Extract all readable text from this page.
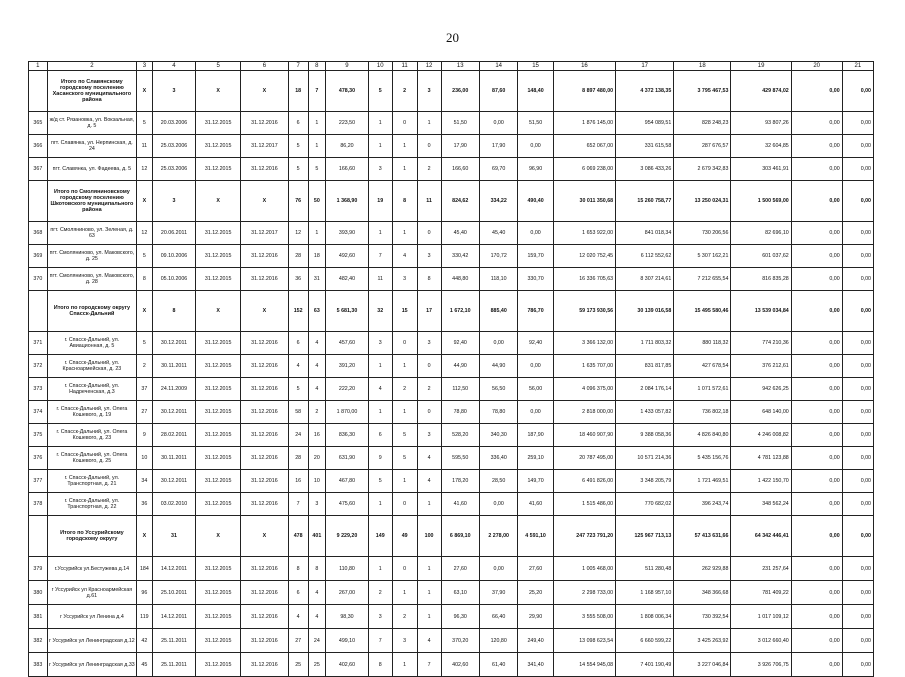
20
1	2	3	4	5	6	7	8	9	10	11	12	13	14	15	16	17	18	19	20	21
	Итого по Славянскому городскому поселению Хасанского муниципального района	X	3	X	X	18	7	478,30	5	2	3	236,00	87,60	148,40	8 897 480,00	4 372 138,35	3 795 467,53	429 874,02	0,00	0,00
365	ж/д ст. Рязановка, ул. Вокзальная, д. 5	5	20.03.2006	31.12.2015	31.12.2016	6	1	223,50	1	0	1	51,50	0,00	51,50	1 876 145,00	954 089,51	828 248,23	93 807,26	0,00	0,00
366	пгт. Славянка, ул. Нерпинская, д. 24	11	25.03.2006	31.12.2015	31.12.2017	5	1	86,20	1	1	0	17,90	17,90	0,00	652 067,00	331 615,58	287 676,57	32 604,85	0,00	0,00
367	пгт. Славянка, ул. Фадеева, д. 5	12	25.03.2006	31.12.2015	31.12.2016	5	5	166,60	3	1	2	166,60	69,70	96,90	6 069 238,00	3 086 433,26	2 679 342,83	303 461,91	0,00	0,00
	Итого по Смоляниновскому городскому поселению Шкотовского муниципального района	X	3	X	X	76	50	1 368,90	19	8	11	824,62	334,22	490,40	30 011 350,68	15 260 758,77	13 250 024,31	1 500 569,00	0,00	0,00
368	пгт. Смоляниново, ул. Зеленая, д. 63	12	20.06.2011	31.12.2015	31.12.2017	12	1	393,90	1	1	0	45,40	45,40	0,00	1 653 922,00	841 018,34	730 206,56	82 696,10	0,00	0,00
369	пгт. Смоляниново, ул. Маковского, д. 25	5	09.10.2006	31.12.2015	31.12.2016	28	18	492,60	7	4	3	330,42	170,72	159,70	12 020 752,45	6 112 552,62	5 307 162,21	601 037,62	0,00	0,00
370	пгт. Смоляниново, ул. Маковского, д. 28	8	05.10.2006	31.12.2015	31.12.2016	36	31	482,40	11	3	8	448,80	118,10	330,70	16 336 705,63	8 307 214,61	7 212 655,54	816 835,28	0,00	0,00
	Итого по городскому округу Спасск-Дальний	X	8	X	X	152	63	5 681,30	32	15	17	1 672,10	885,40	786,70	59 173 930,56	30 139 016,58	15 495 580,46	13 539 034,84	0,00	0,00
371	г. Спасск-Дальний, ул. Авиационная, д. 5	5	30.12.2011	31.12.2015	31.12.2016	6	4	457,60	3	0	3	92,40	0,00	92,40	3 366 132,00	1 711 803,32	880 118,32	774 210,36	0,00	0,00
372	г. Спасск-Дальний, ул. Красноармейская, д. 23	2	30.11.2011	31.12.2015	31.12.2016	4	4	391,20	1	1	0	44,90	44,90	0,00	1 635 707,00	831 817,85	427 678,54	376 212,61	0,00	0,00
373	г. Спасск-Дальний, ул. Надреченская, д.3	37	24.11.2009	31.12.2015	31.12.2016	5	4	222,20	4	2	2	112,50	56,50	56,00	4 096 375,00	2 084 176,14	1 071 572,61	942 626,25	0,00	0,00
374	г. Спасск-Дальний, ул. Олега Кошевого, д. 19	27	30.12.2011	31.12.2015	31.12.2016	58	2	1 870,00	1	1	0	78,80	78,80	0,00	2 818 000,00	1 433 057,82	736 802,18	648 140,00	0,00	0,00
375	г. Спасск-Дальний, ул. Олега Кошевого, д. 23	9	28.02.2011	31.12.2015	31.12.2016	24	16	836,30	6	5	3	528,20	340,30	187,90	18 460 907,90	9 388 058,36	4 826 840,80	4 246 008,82	0,00	0,00
376	г. Спасск-Дальний, ул. Олега Кошевого, д. 25	10	30.11.2011	31.12.2015	31.12.2016	28	20	631,90	9	5	4	595,50	336,40	259,10	20 787 495,00	10 571 214,36	5 435 156,76	4 781 123,88	0,00	0,00
377	г. Спасск-Дальний, ул. Транспортная, д. 21	34	30.12.2011	31.12.2015	31.12.2016	16	10	467,80	5	1	4	178,20	28,50	149,70	6 491 826,00	3 348 205,79	1 721 469,51	1 422 150,70	0,00	0,00
378	г. Спасск-Дальний, ул. Транспортная, д. 22	36	03.02.2010	31.12.2015	31.12.2016	7	3	475,60	1	0	1	41,60	0,00	41,60	1 515 486,00	770 682,02	396 243,74	348 562,24	0,00	0,00
	Итого по Уссурийскому городскому округу	X	31	X	X	478	401	9 229,20	149	49	100	6 869,10	2 278,00	4 591,10	247 723 791,20	125 967 713,13	57 413 631,66	64 342 446,41	0,00	0,00
379	г.Уссурийск ул.Бестужева д.14	184	14.12.2011	31.12.2015	31.12.2016	8	8	110,80	1	0	1	27,60	0,00	27,60	1 005 468,00	511 280,48	262 929,88	231 257,64	0,00	0,00
380	г Уссурийск ул Красноармейская д.61	96	25.10.2011	31.12.2015	31.12.2016	6	4	267,00	2	1	1	63,10	37,90	25,20	2 298 733,00	1 168 957,10	348 366,68	781 409,22	0,00	0,00
381	г Уссурийск ул Ленина д.4	119	14.12.2011	31.12.2015	31.12.2016	4	4	98,30	3	2	1	96,30	66,40	29,90	3 555 508,00	1 808 006,34	730 392,54	1 017 109,12	0,00	0,00
382	г Уссурийск ул Ленинградская д.12	42	25.11.2011	31.12.2015	31.12.2016	27	24	499,10	7	3	4	370,20	120,80	249,40	13 098 623,54	6 660 599,22	3 425 263,92	3 012 660,40	0,00	0,00
383	г Уссурийск ул Ленинградская д.33	45	25.11.2011	31.12.2015	31.12.2016	25	25	402,60	8	1	7	402,60	61,40	341,40	14 554 945,08	7 401 190,49	3 227 046,84	3 926 706,75	0,00	0,00
